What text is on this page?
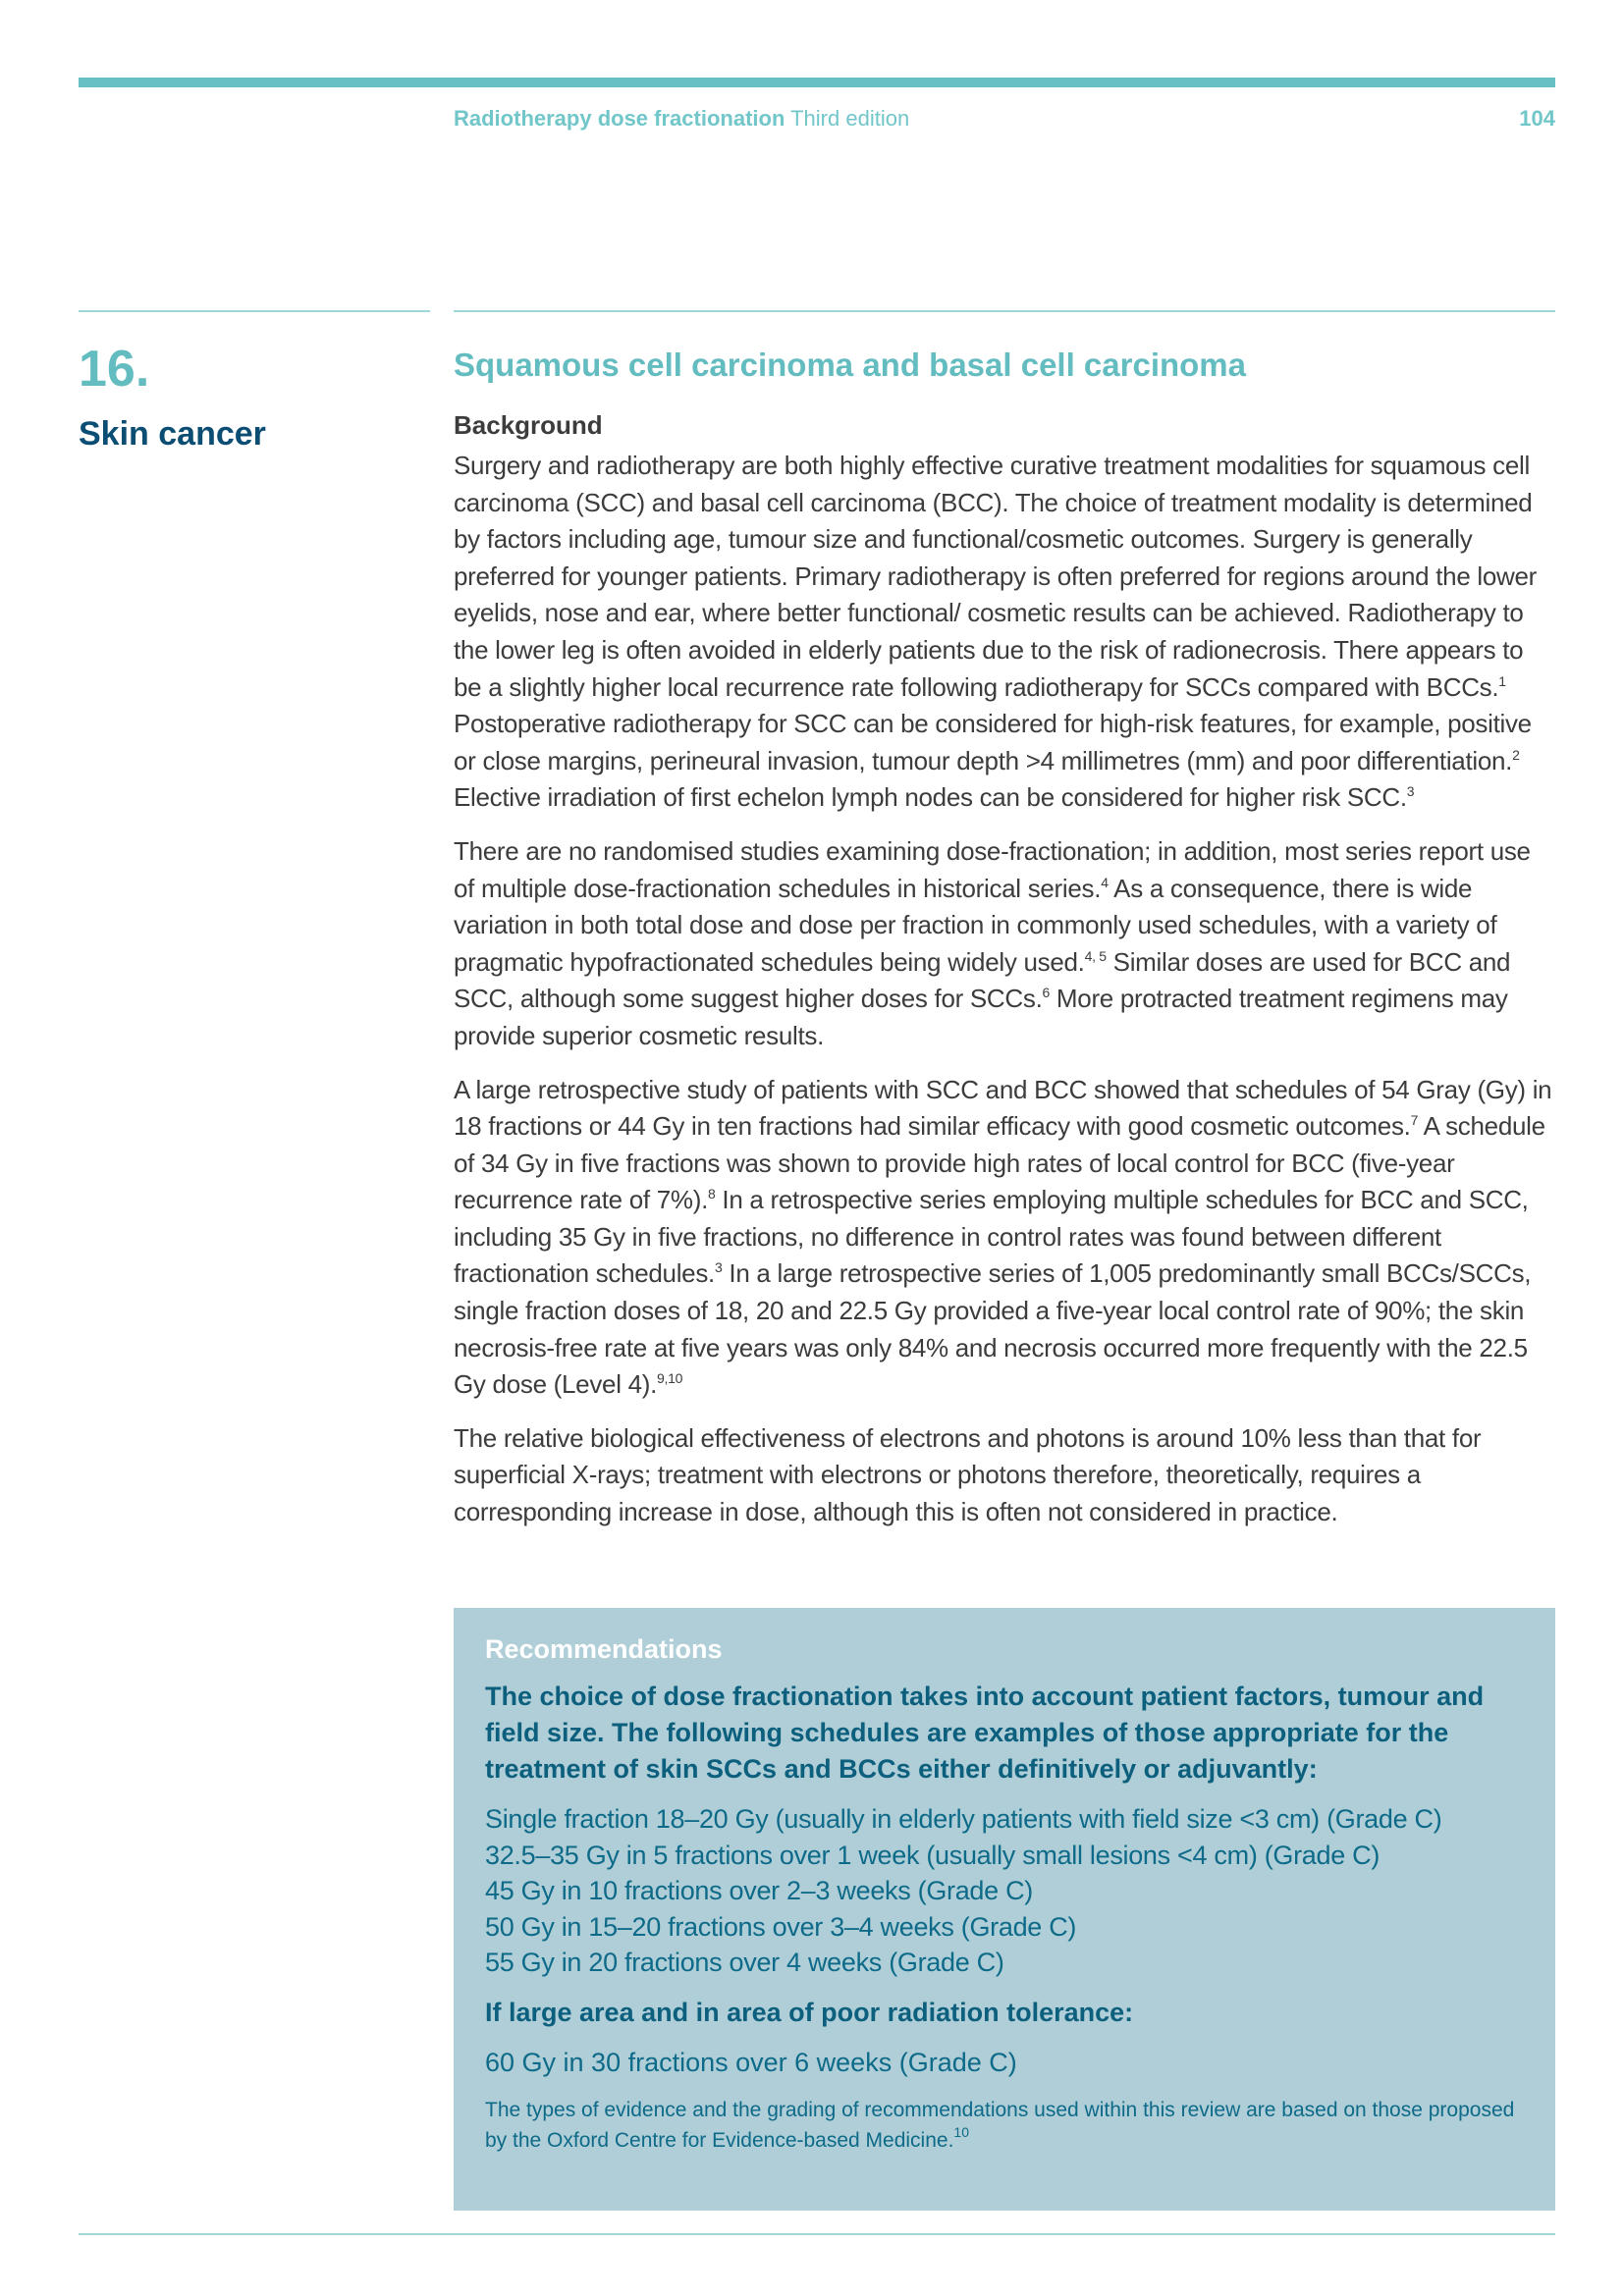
Radiotherapy dose fractionation Third edition	104
16.
Skin cancer
Squamous cell carcinoma and basal cell carcinoma
Background

Surgery and radiotherapy are both highly effective curative treatment modalities for squamous cell carcinoma (SCC) and basal cell carcinoma (BCC). The choice of treatment modality is determined by factors including age, tumour size and functional/cosmetic outcomes. Surgery is generally preferred for younger patients. Primary radiotherapy is often preferred for regions around the lower eyelids, nose and ear, where better functional/ cosmetic results can be achieved. Radiotherapy to the lower leg is often avoided in elderly patients due to the risk of radionecrosis. There appears to be a slightly higher local recurrence rate following radiotherapy for SCCs compared with BCCs.$^1$ Postoperative radiotherapy for SCC can be considered for high-risk features, for example, positive or close margins, perineural invasion, tumour depth >4 millimetres (mm) and poor differentiation.$^2$ Elective irradiation of first echelon lymph nodes can be considered for higher risk SCC.$^3$

There are no randomised studies examining dose-fractionation; in addition, most series report use of multiple dose-fractionation schedules in historical series.$^4$ As a consequence, there is wide variation in both total dose and dose per fraction in commonly used schedules, with a variety of pragmatic hypofractionated schedules being widely used.$^{4, 5}$ Similar doses are used for BCC and SCC, although some suggest higher doses for SCCs.$^6$ More protracted treatment regimens may provide superior cosmetic results.

A large retrospective study of patients with SCC and BCC showed that schedules of 54 Gray (Gy) in 18 fractions or 44 Gy in ten fractions had similar efficacy with good cosmetic outcomes.$^7$ A schedule of 34 Gy in five fractions was shown to provide high rates of local control for BCC (five-year recurrence rate of 7%).$^8$ In a retrospective series employing multiple schedules for BCC and SCC, including 35 Gy in five fractions, no difference in control rates was found between different fractionation schedules.$^3$ In a large retrospective series of 1,005 predominantly small BCCs/SCCs, single fraction doses of 18, 20 and 22.5 Gy provided a five-year local control rate of 90%; the skin necrosis-free rate at five years was only 84% and necrosis occurred more frequently with the 22.5 Gy dose (Level 4).$^{9,10}$

The relative biological effectiveness of electrons and photons is around 10% less than that for superficial X-rays; treatment with electrons or photons therefore, theoretically, requires a corresponding increase in dose, although this is often not considered in practice.

Recommendations

The choice of dose fractionation takes into account patient factors, tumour and field size. The following schedules are examples of those appropriate for the treatment of skin SCCs and BCCs either definitively or adjuvantly:

Single fraction 18–20 Gy (usually in elderly patients with field size <3 cm) (Grade C)
32.5–35 Gy in 5 fractions over 1 week (usually small lesions <4 cm) (Grade C)
45 Gy in 10 fractions over 2–3 weeks (Grade C)
50 Gy in 15–20 fractions over 3–4 weeks (Grade C)
55 Gy in 20 fractions over 4 weeks (Grade C)

If large area and in area of poor radiation tolerance:

60 Gy in 30 fractions over 6 weeks (Grade C)

The types of evidence and the grading of recommendations used within this review are based on those proposed by the Oxford Centre for Evidence-based Medicine.$^{10}$
